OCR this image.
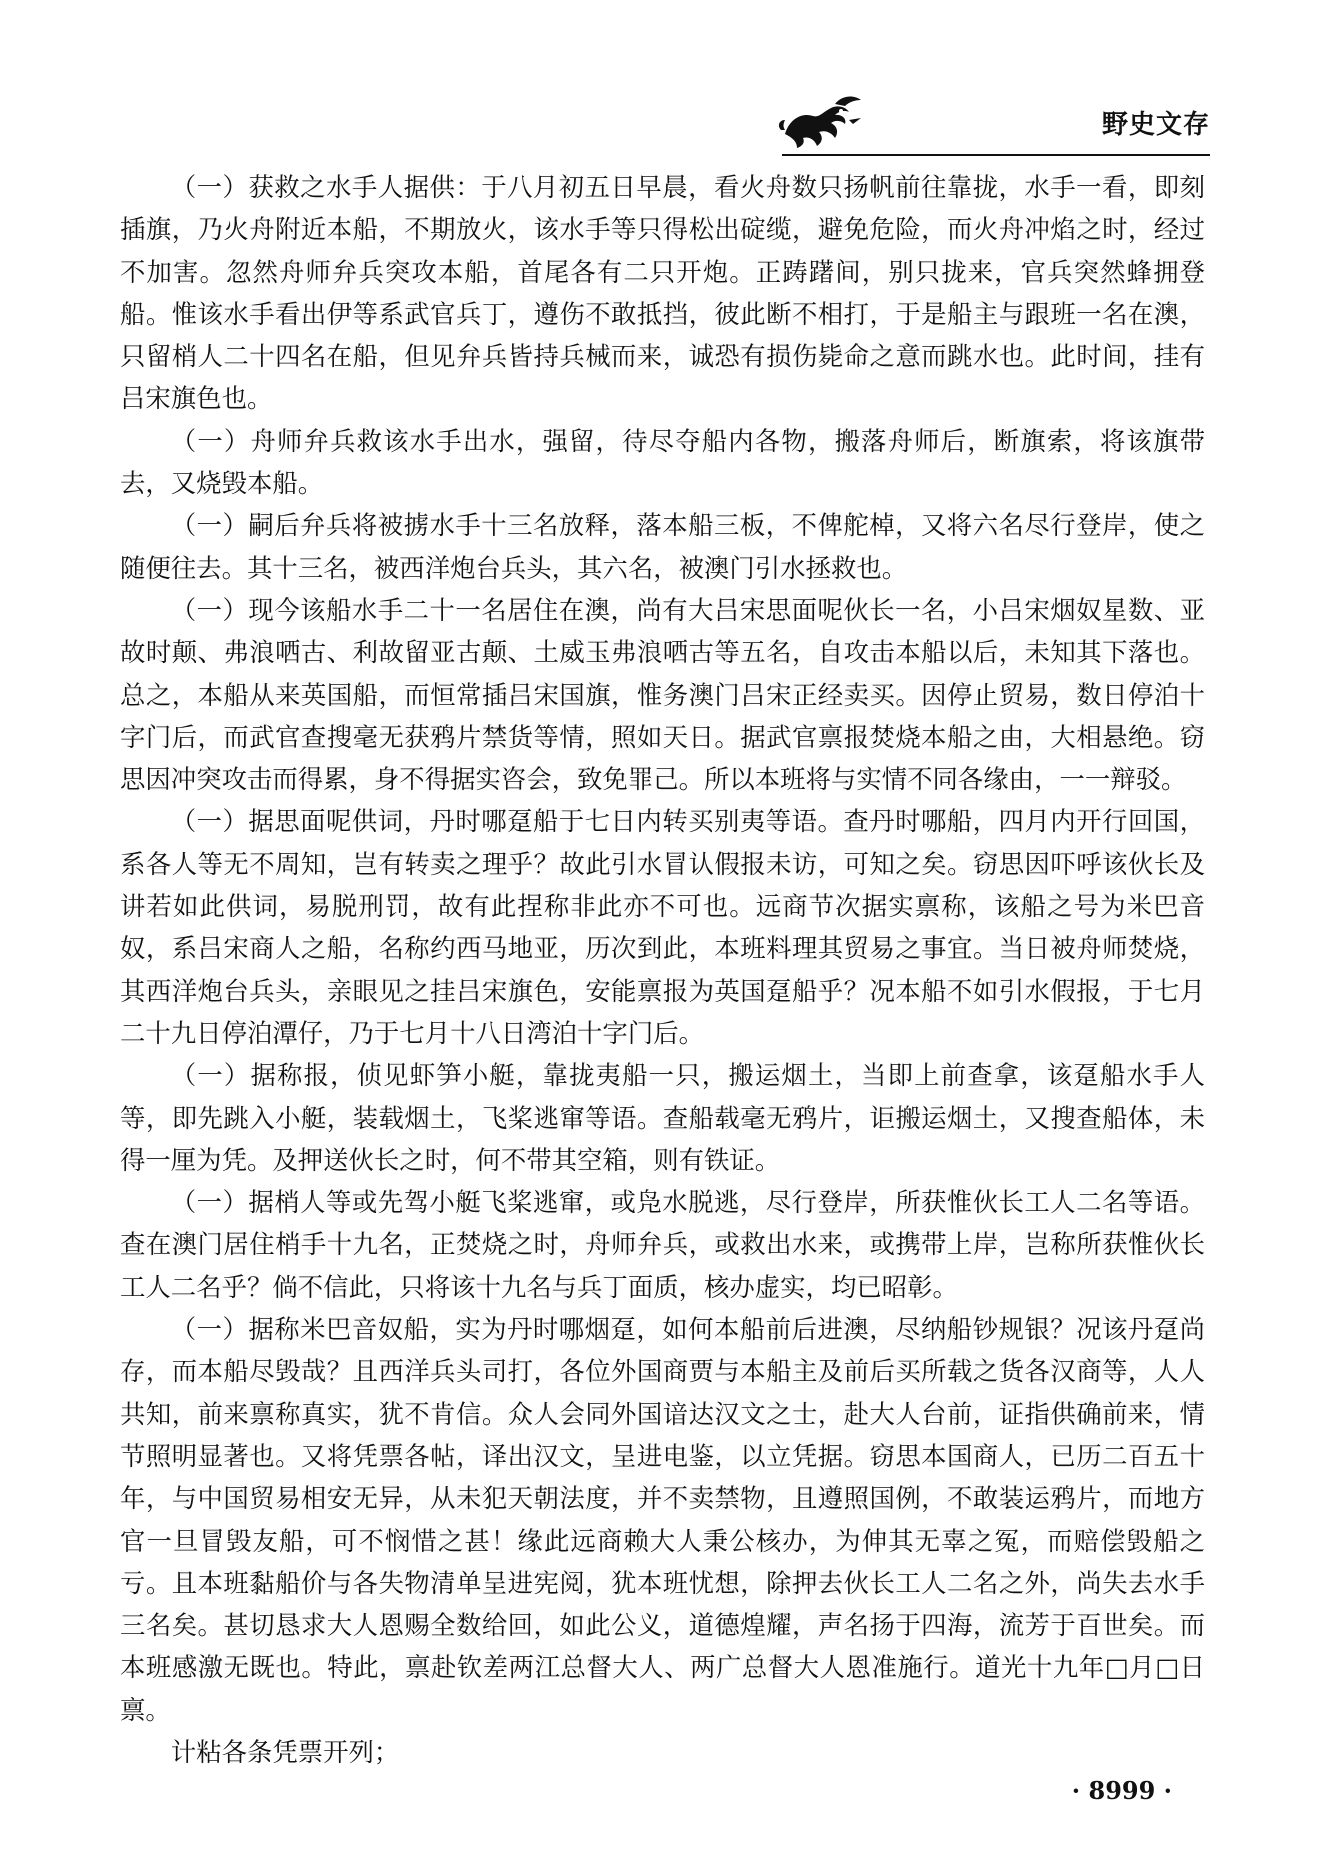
野史文存

（一）获救之水手人据供：于八月初五日早晨，看火舟数只扬帆前往靠拢，水手一看，即刻插旗，乃火舟附近本船，不期放火，该水手等只得松出碇缆，避免危险，而火舟冲焰之时，经过不加害。忽然舟师弁兵突攻本船，首尾各有二只开炮。正踌躇间，别只拢来，官兵突然蜂拥登船。惟该水手看出伊等系武官兵丁，遵伤不敢抵挡，彼此断不相打，于是船主与跟班一名在澳，只留梢人二十四名在船，但见弁兵皆持兵械而来，诚恐有损伤毙命之意而跳水也。此时间，挂有吕宋旗色也。

（一）舟师弁兵救该水手出水，强留，待尽夺船内各物，搬落舟师后，断旗索，将该旗带去，又烧毁本船。

（一）嗣后弁兵将被掳水手十三名放释，落本船三板，不俾舵棹，又将六名尽行登岸，使之随便往去。其十三名，被西洋炮台兵头，其六名，被澳门引水拯救也。

（一）现今该船水手二十一名居住在澳，尚有大吕宋思面呢伙长一名，小吕宋烟奴星数、亚故时颠、弗浪哂古、利故留亚古颠、土威玉弗浪哂古等五名，自攻击本船以后，未知其下落也。总之，本船从来英国船，而恒常插吕宋国旗，惟务澳门吕宋正经卖买。因停止贸易，数日停泊十字门后，而武官查搜毫无获鸦片禁货等情，照如天日。据武官禀报焚烧本船之由，大相悬绝。窃思因冲突攻击而得累，身不得据实咨会，致免罪己。所以本班将与实情不同各缘由，一一辩驳。

（一）据思面呢供词，丹时哪趸船于七日内转买别夷等语。查丹时哪船，四月内开行回国，系各人等无不周知，岂有转卖之理乎？故此引水冒认假报未访，可知之矣。窃思因吓呼该伙长及讲若如此供词，易脱刑罚，故有此捏称非此亦不可也。远商节次据实禀称，该船之号为米巴音奴，系吕宋商人之船，名称约西马地亚，历次到此，本班料理其贸易之事宜。当日被舟师焚烧，其西洋炮台兵头，亲眼见之挂吕宋旗色，安能禀报为英国趸船乎？况本船不如引水假报，于七月二十九日停泊潭仔，乃于七月十八日湾泊十字门后。

（一）据称报，侦见虾笋小艇，靠拢夷船一只，搬运烟土，当即上前查拿，该趸船水手人等，即先跳入小艇，装载烟土，飞桨逃窜等语。查船载毫无鸦片，讵搬运烟土，又搜查船体，未得一厘为凭。及押送伙长之时，何不带其空箱，则有铁证。

（一）据梢人等或先驾小艇飞桨逃窜，或凫水脱逃，尽行登岸，所获惟伙长工人二名等语。查在澳门居住梢手十九名，正焚烧之时，舟师弁兵，或救出水来，或携带上岸，岂称所获惟伙长工人二名乎？倘不信此，只将该十九名与兵丁面质，核办虚实，均已昭彰。

（一）据称米巴音奴船，实为丹时哪烟趸，如何本船前后进澳，尽纳船钞规银？况该丹趸尚存，而本船尽毁哉？且西洋兵头司打，各位外国商贾与本船主及前后买所载之货各汉商等，人人共知，前来禀称真实，犹不肯信。众人会同外国谙达汉文之士，赴大人台前，证指供确前来，情节照明显著也。又将凭票各帖，译出汉文，呈进电鉴，以立凭据。窃思本国商人，已历二百五十年，与中国贸易相安无异，从未犯天朝法度，并不卖禁物，且遵照国例，不敢装运鸦片，而地方官一旦冒毁友船，可不悯惜之甚！缘此远商赖大人秉公核办，为伸其无辜之冤，而赔偿毁船之亏。且本班黏船价与各失物清单呈进宪阅，犹本班忧想，除押去伙长工人二名之外，尚失去水手三名矣。甚切恳求大人恩赐全数给回，如此公义，道德煌耀，声名扬于四海，流芳于百世矣。而本班感激无既也。特此，禀赴钦差两江总督大人、两广总督大人恩准施行。道光十九年□月□日禀。

计粘各条凭票开列；

· 8999 ·
